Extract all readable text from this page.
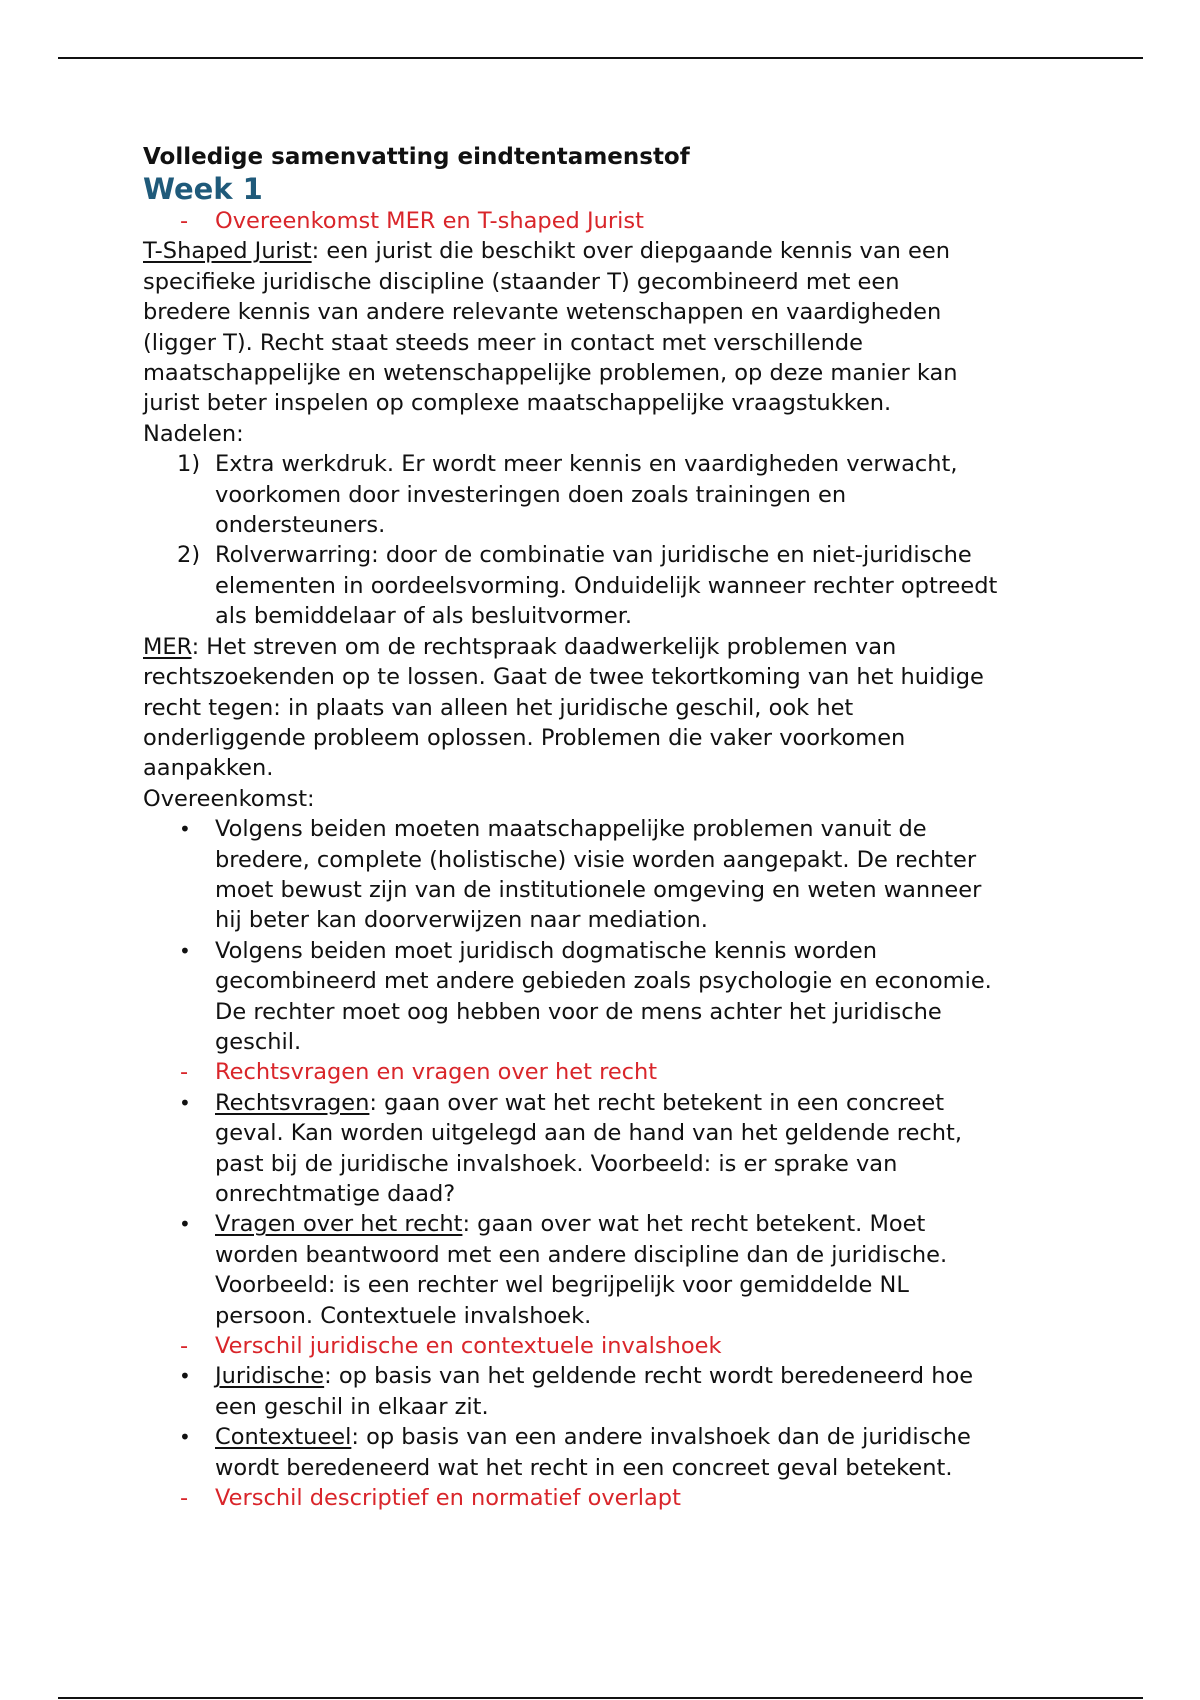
Volledige samenvatting eindtentamenstof
Week 1
- Overeenkomst MER en T-shaped Jurist
T-Shaped Jurist: een jurist die beschikt over diepgaande kennis van een
specifieke juridische discipline (staander T) gecombineerd met een
bredere kennis van andere relevante wetenschappen en vaardigheden
(ligger T). Recht staat steeds meer in contact met verschillende
maatschappelijke en wetenschappelijke problemen, op deze manier kan
jurist beter inspelen op complexe maatschappelijke vraagstukken.
Nadelen:
1) Extra werkdruk. Er wordt meer kennis en vaardigheden verwacht,
voorkomen door investeringen doen zoals trainingen en
ondersteuners.
2) Rolverwarring: door de combinatie van juridische en niet-juridische
elementen in oordeelsvorming. Onduidelijk wanneer rechter optreedt
als bemiddelaar of als besluitvormer.
MER: Het streven om de rechtspraak daadwerkelijk problemen van
rechtszoekenden op te lossen. Gaat de twee tekortkoming van het huidige
recht tegen: in plaats van alleen het juridische geschil, ook het
onderliggende probleem oplossen. Problemen die vaker voorkomen
aanpakken.
Overeenkomst:
• Volgens beiden moeten maatschappelijke problemen vanuit de
bredere, complete (holistische) visie worden aangepakt. De rechter
moet bewust zijn van de institutionele omgeving en weten wanneer
hij beter kan doorverwijzen naar mediation.
• Volgens beiden moet juridisch dogmatische kennis worden
gecombineerd met andere gebieden zoals psychologie en economie.
De rechter moet oog hebben voor de mens achter het juridische
geschil.
- Rechtsvragen en vragen over het recht
• Rechtsvragen: gaan over wat het recht betekent in een concreet
geval. Kan worden uitgelegd aan de hand van het geldende recht,
past bij de juridische invalshoek. Voorbeeld: is er sprake van
onrechtmatige daad?
• Vragen over het recht: gaan over wat het recht betekent. Moet
worden beantwoord met een andere discipline dan de juridische.
Voorbeeld: is een rechter wel begrijpelijk voor gemiddelde NL
persoon. Contextuele invalshoek.
- Verschil juridische en contextuele invalshoek
• Juridische: op basis van het geldende recht wordt beredeneerd hoe
een geschil in elkaar zit.
• Contextueel: op basis van een andere invalshoek dan de juridische
wordt beredeneerd wat het recht in een concreet geval betekent.
- Verschil descriptief en normatief overlapt
